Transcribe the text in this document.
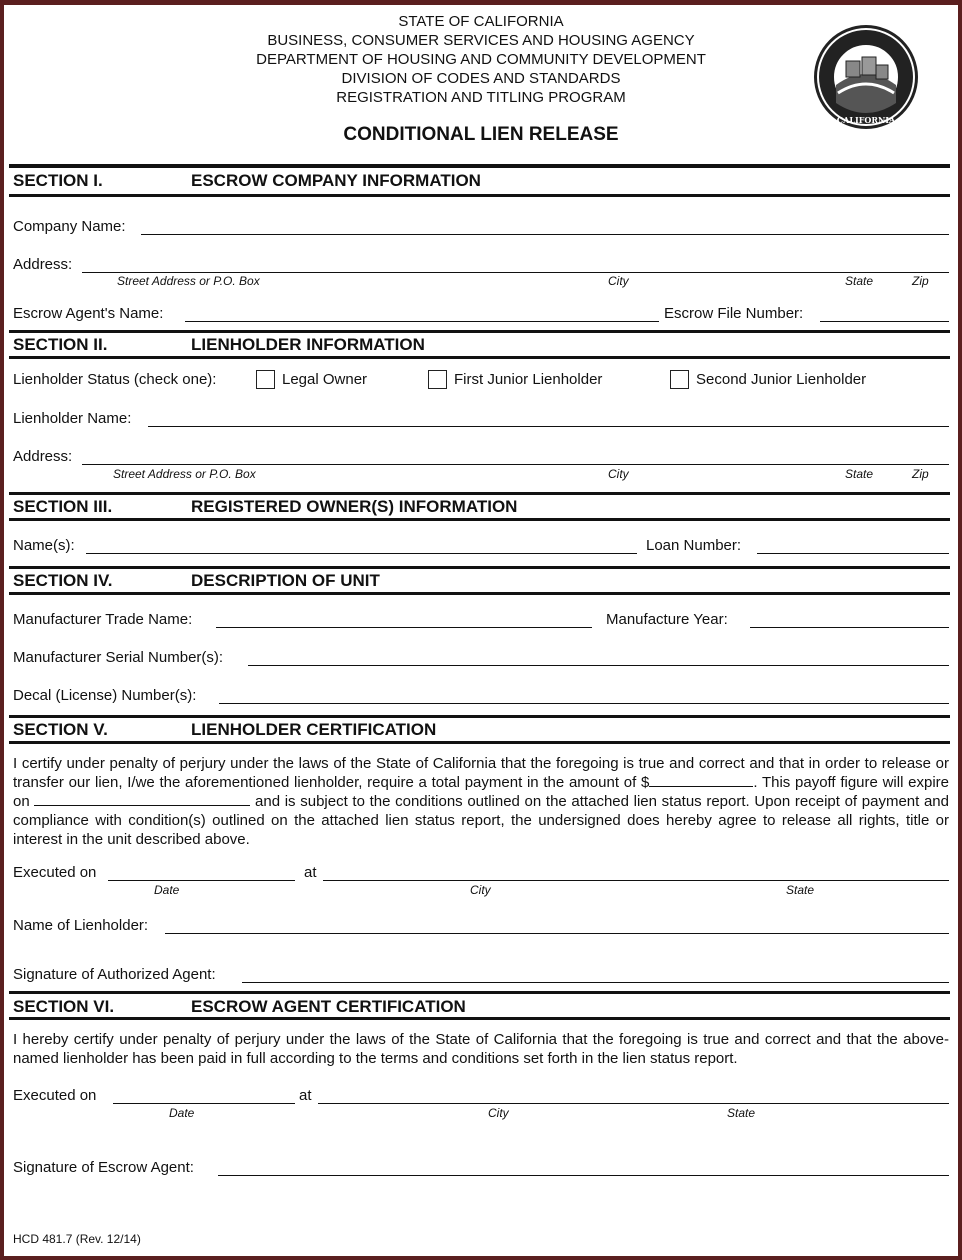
STATE OF CALIFORNIA
BUSINESS, CONSUMER SERVICES AND HOUSING AGENCY
DEPARTMENT OF HOUSING AND COMMUNITY DEVELOPMENT
DIVISION OF CODES AND STANDARDS
REGISTRATION AND TITLING PROGRAM
CONDITIONAL LIEN RELEASE
CALIFORNIA
SECTION I.	ESCROW COMPANY INFORMATION
Company Name:
Address:
Street Address or P.O. Box	City	State	Zip
Escrow Agent's Name:	Escrow File Number:
SECTION II.	LIENHOLDER INFORMATION
Lienholder Status (check one):	Legal Owner	First Junior Lienholder	Second Junior Lienholder
Lienholder Name:
Address:
Street Address or P.O. Box	City	State	Zip
SECTION III.	REGISTERED OWNER(S) INFORMATION
Name(s):	Loan Number:
SECTION IV.	DESCRIPTION OF UNIT
Manufacturer Trade Name:	Manufacture Year:
Manufacturer Serial Number(s):
Decal (License) Number(s):
SECTION V.	LIENHOLDER CERTIFICATION
I certify under penalty of perjury under the laws of the State of California that the foregoing is true and correct and that in order to release or transfer our lien, I/we the aforementioned lienholder, require a total payment in the amount of $	. This payoff figure will expire on	and is subject to the conditions outlined on the attached lien status report. Upon receipt of payment and compliance with condition(s) outlined on the attached lien status report, the undersigned does hereby agree to release all rights, title or interest in the unit described above.
Executed on	at
Date	City	State
Name of Lienholder:
Signature of Authorized Agent:
SECTION VI.	ESCROW AGENT CERTIFICATION
I hereby certify under penalty of perjury under the laws of the State of California that the foregoing is true and correct and that the above-named lienholder has been paid in full according to the terms and conditions set forth in the lien status report.
Executed on	at
Date	City	State
Signature of Escrow Agent:
HCD 481.7 (Rev. 12/14)
